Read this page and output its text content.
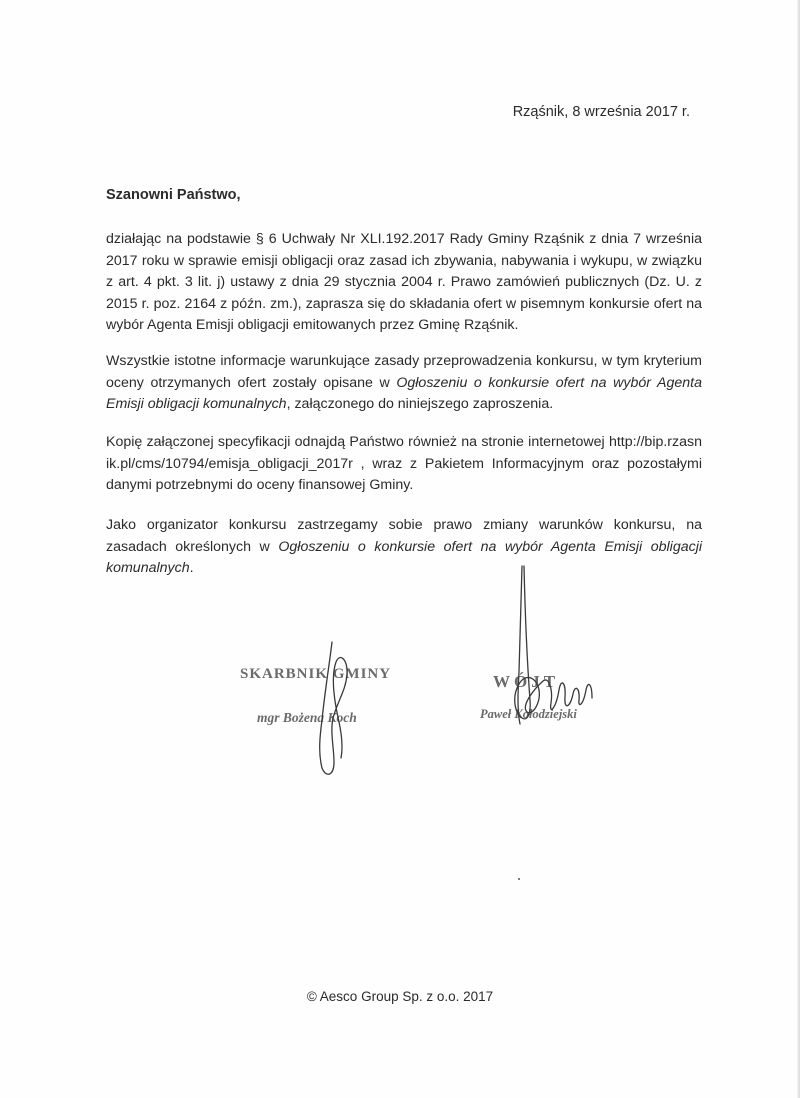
Rząśnik, 8 września 2017 r.
Szanowni Państwo,

działając na podstawie § 6 Uchwały Nr XLI.192.2017 Rady Gminy Rząśnik z dnia 7 września 2017 roku w sprawie emisji obligacji oraz zasad ich zbywania, nabywania i wykupu, w związku z art. 4 pkt. 3 lit. j) ustawy z dnia 29 stycznia 2004 r. Prawo zamówień publicznych (Dz. U. z 2015 r. poz. 2164 z późn. zm.), zaprasza się do składania ofert w pisemnym konkursie ofert na wybór Agenta Emisji obligacji emitowanych przez Gminę Rząśnik.

Wszystkie istotne informacje warunkujące zasady przeprowadzenia konkursu, w tym kryterium oceny otrzymanych ofert zostały opisane w Ogłoszeniu o konkursie ofert na wybór Agenta Emisji obligacji komunalnych, załączonego do niniejszego zaproszenia.

Kopię załączonej specyfikacji odnajdą Państwo również na stronie internetowej http://bip.rzasnik.pl/cms/10794/emisja_obligacji_2017r , wraz z Pakietem Informacyjnym oraz pozostałymi danymi potrzebnymi do oceny finansowej Gminy.

Jako organizator konkursu zastrzegamy sobie prawo zmiany warunków konkursu, na zasadach określonych w Ogłoszeniu o konkursie ofert na wybór Agenta Emisji obligacji komunalnych.

SKARBNIK GMINY
mgr Bożena Koch
WÓJT
Paweł Kołodziejski
© Aesco Group Sp. z o.o. 2017
